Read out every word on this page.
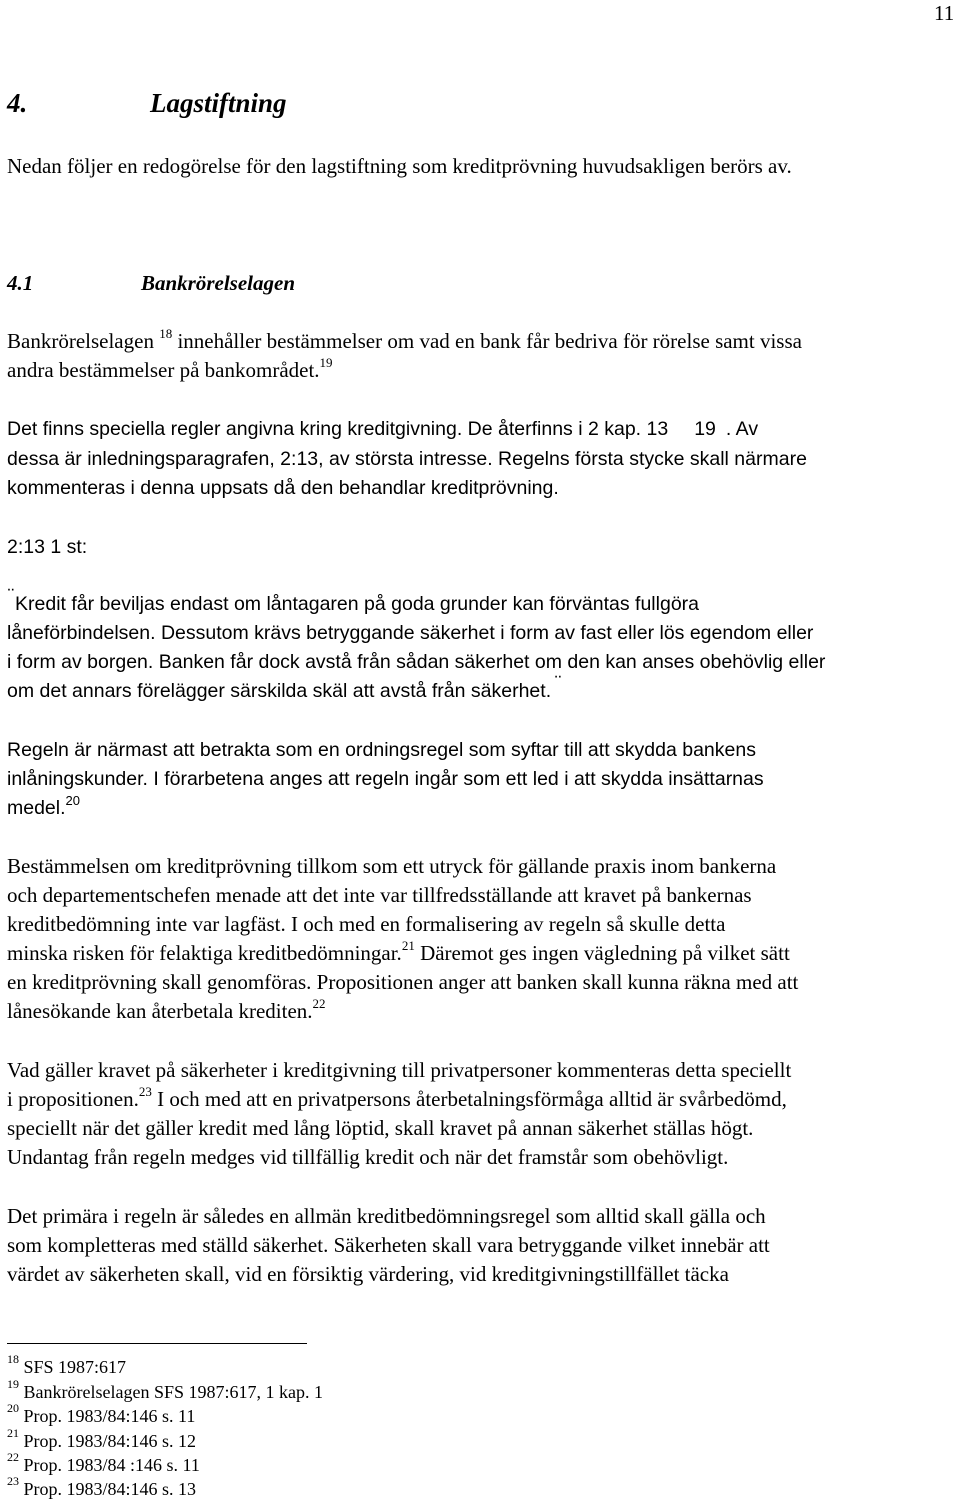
11
4.	Lagstiftning

Nedan följer en redogörelse för den lagstiftning som kreditprövning huvudsakligen berörs av.

4.1	Bankrörelselagen

Bankrörelselagen $^{18}$ innehåller bestämmelser om vad en bank får bedriva för rörelse samt vissa

andra bestämmelser på bankområdet.$^{19}$

Det finns speciella regler angivna kring kreditgivning. De återfinns i 2 kap. 13 19 . Av

dessa är inledningsparagrafen, 2:13, av största intresse. Regelns första stycke skall närmare

kommenteras i denna uppsats då den behandlar kreditprövning.

2:13 1 st:

¨Kredit får beviljas endast om låntagaren på goda grunder kan förväntas fullgöra

låneförbindelsen. Dessutom krävs betryggande säkerhet i form av fast eller lös egendom eller

i form av borgen. Banken får dock avstå från sådan säkerhet om den kan anses obehövlig eller

om det annars förelägger särskilda skäl att avstå från säkerhet. ¨

Regeln är närmast att betrakta som en ordningsregel som syftar till att skydda bankens

inlåningskunder. I förarbetena anges att regeln ingår som ett led i att skydda insättarnas

medel.$^{20}$

Bestämmelsen om kreditprövning tillkom som ett utryck för gällande praxis inom bankerna

och departementschefen menade att det inte var tillfredsställande att kravet på bankernas

kreditbedömning inte var lagfäst. I och med en formalisering av regeln så skulle detta

minska risken för felaktiga kreditbedömningar.$^{21}$ Däremot ges ingen vägledning på vilket sätt

en kreditprövning skall genomföras. Propositionen anger att banken skall kunna räkna med att

lånesökande kan återbetala krediten.$^{22}$

Vad gäller kravet på säkerheter i kreditgivning till privatpersoner kommenteras detta speciellt

i propositionen.$^{23}$ I och med att en privatpersons återbetalningsförmåga alltid är svårbedömd,

speciellt när det gäller kredit med lång löptid, skall kravet på annan säkerhet ställas högt.

Undantag från regeln medges vid tillfällig kredit och när det framstår som obehövligt.

Det primära i regeln är således en allmän kreditbedömningsregel som alltid skall gälla och

som kompletteras med ställd säkerhet. Säkerheten skall vara betryggande vilket innebär att

värdet av säkerheten skall, vid en försiktig värdering, vid kreditgivningstillfället täcka

$^{18}$ SFS 1987:617

$^{19}$ Bankrörelselagen SFS 1987:617, 1 kap. 1

$^{20}$ Prop. 1983/84:146 s. 11

$^{21}$ Prop. 1983/84:146 s. 12

$^{22}$ Prop. 1983/84 :146 s. 11

$^{23}$ Prop. 1983/84:146 s. 13
